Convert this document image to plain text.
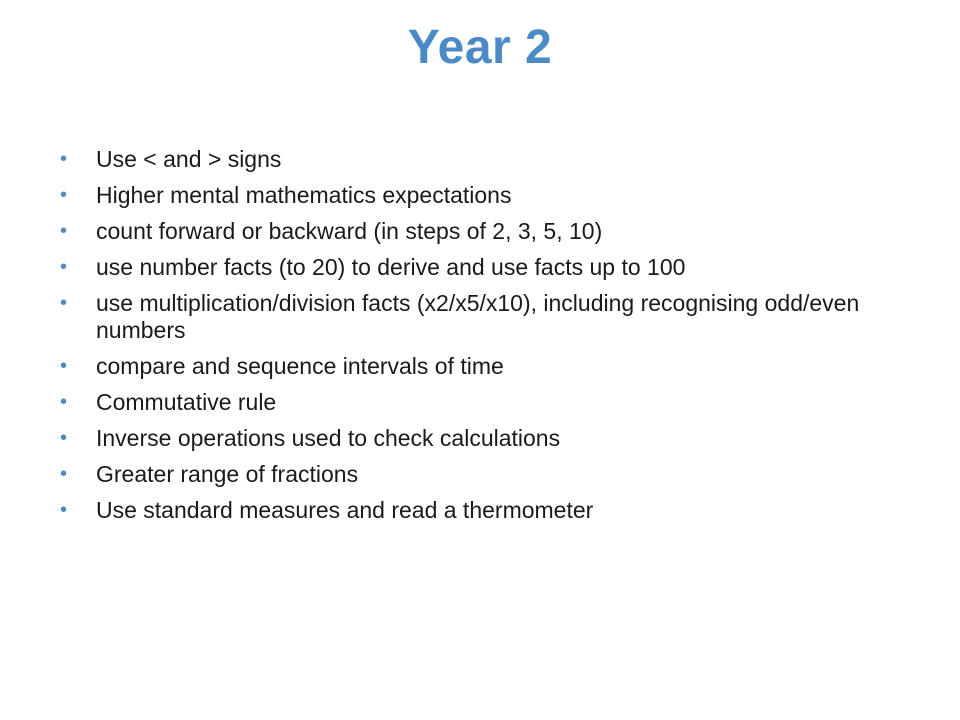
Year 2
• Use < and > signs
• Higher mental mathematics expectations
• count forward or backward (in steps of 2, 3, 5, 10)
• use number facts (to 20) to derive and use facts up to 100
• use multiplication/division facts (x2/x5/x10), including recognising odd/even numbers
• compare and sequence intervals of time
• Commutative rule
• Inverse operations used to check calculations
• Greater range of fractions
• Use standard measures and read a thermometer
